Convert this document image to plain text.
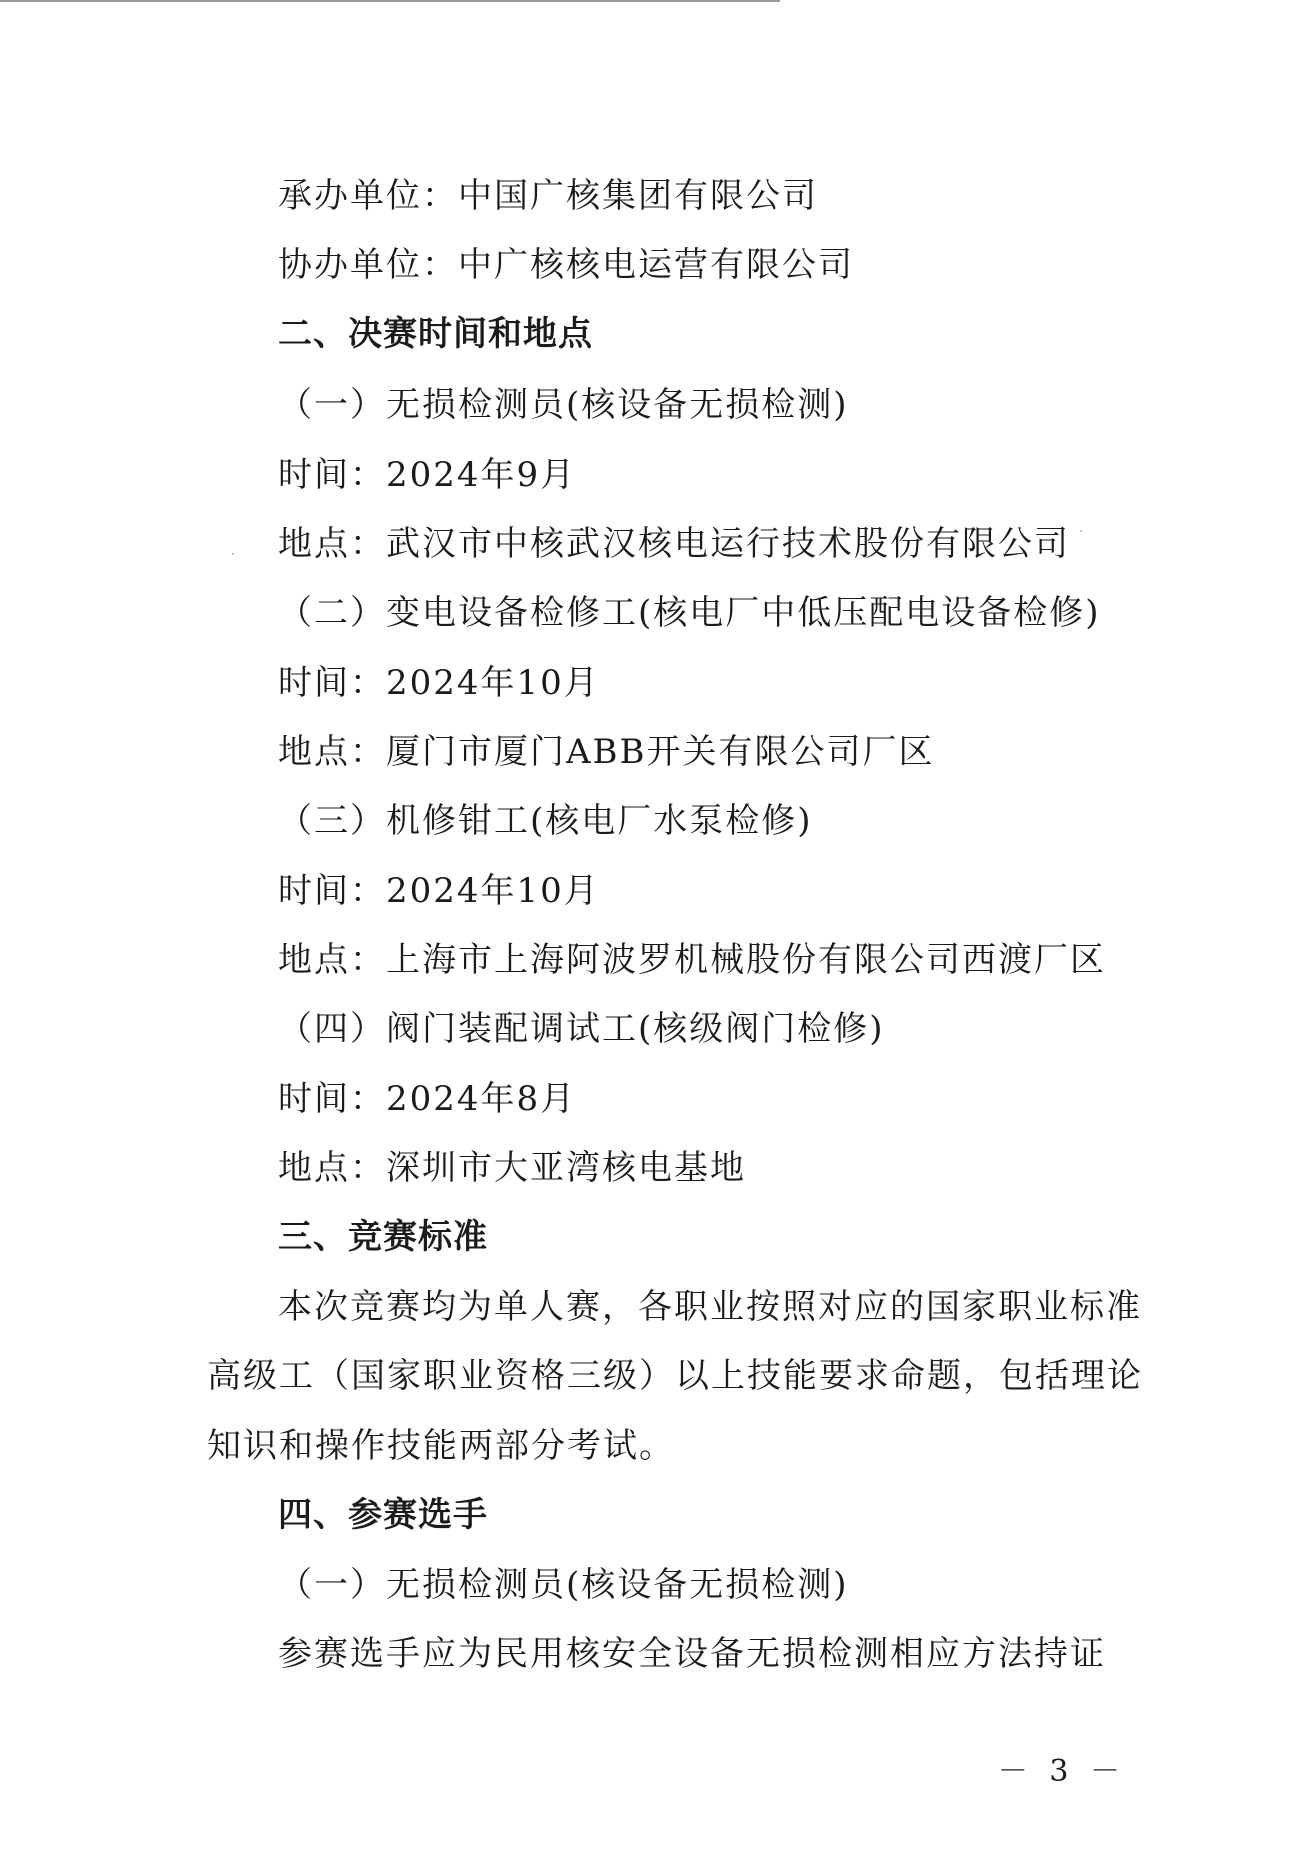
承办单位：中国广核集团有限公司
协办单位：中广核核电运营有限公司
二、决赛时间和地点
（一）无损检测员(核设备无损检测)
时间：2024年9月
地点：武汉市中核武汉核电运行技术股份有限公司
（二）变电设备检修工(核电厂中低压配电设备检修)
时间：2024年10月
地点：厦门市厦门ABB开关有限公司厂区
（三）机修钳工(核电厂水泵检修)
时间：2024年10月
地点：上海市上海阿波罗机械股份有限公司西渡厂区
（四）阀门装配调试工(核级阀门检修)
时间：2024年8月
地点：深圳市大亚湾核电基地
三、竞赛标准
本次竞赛均为单人赛，各职业按照对应的国家职业标准
高级工（国家职业资格三级）以上技能要求命题，包括理论
知识和操作技能两部分考试。
四、参赛选手
（一）无损检测员(核设备无损检测)
参赛选手应为民用核安全设备无损检测相应方法持证
－ 3 －
